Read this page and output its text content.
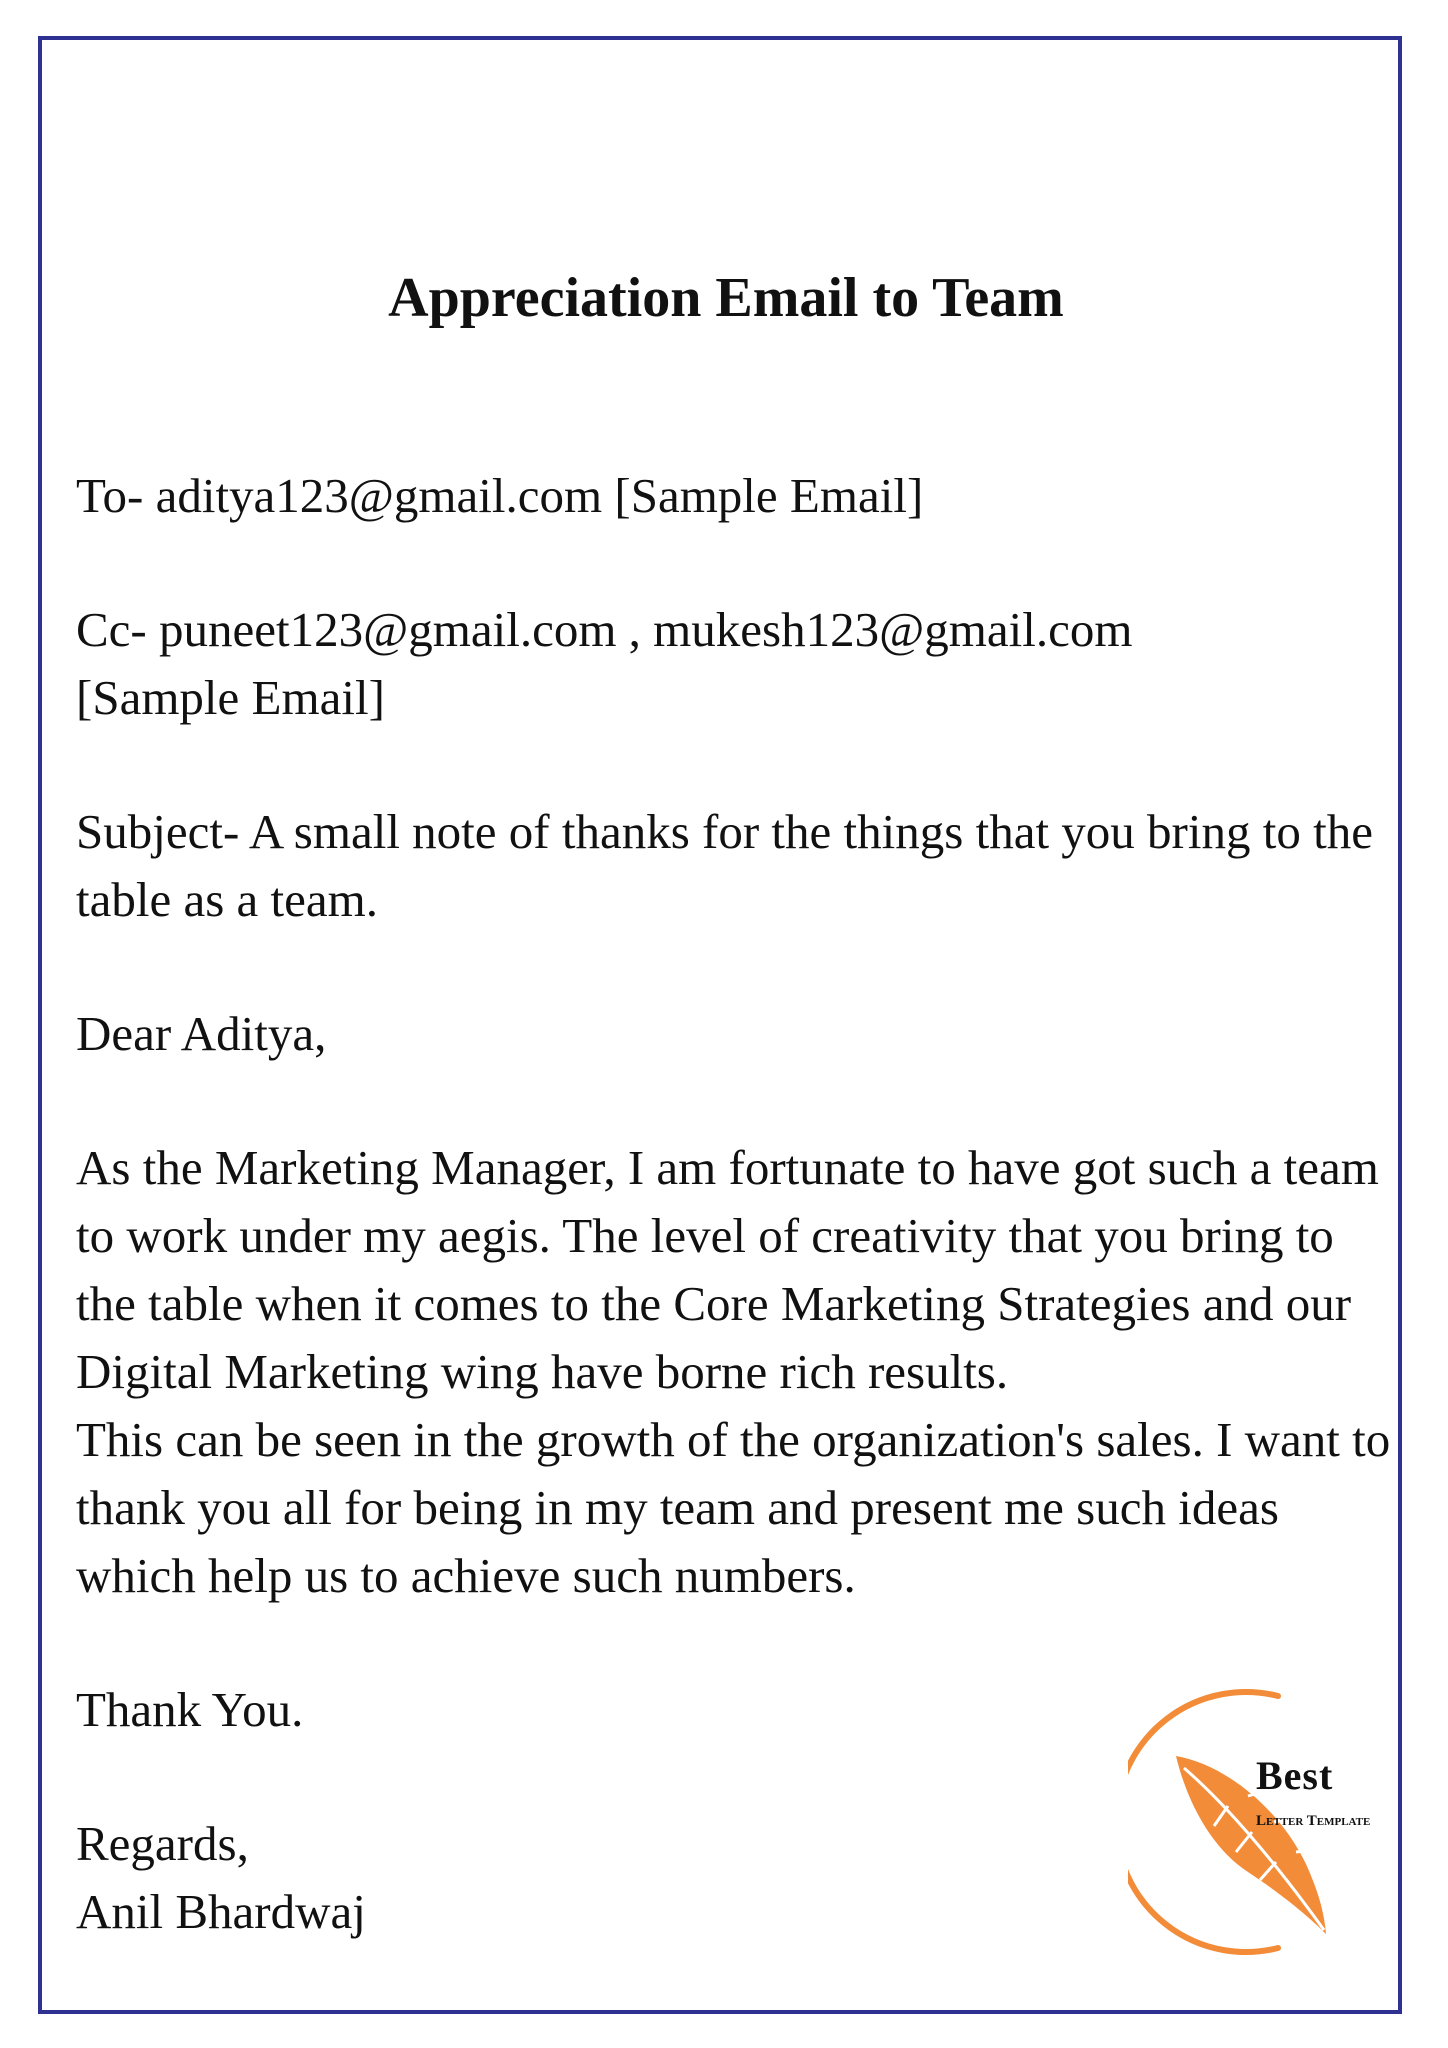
Appreciation Email to Team
To- aditya123@gmail.com [Sample Email]
Cc- puneet123@gmail.com , mukesh123@gmail.com
[Sample Email]
Subject- A small note of thanks for the things that you bring to the
table as a team.
Dear Aditya,
As the Marketing Manager, I am fortunate to have got such a team
to work under my aegis. The level of creativity that you bring to
the table when it comes to the Core Marketing Strategies and our
Digital Marketing wing have borne rich results.
This can be seen in the growth of the organization's sales. I want to
thank you all for being in my team and present me such ideas
which help us to achieve such numbers.
Thank You.
Regards,
Anil Bhardwaj
Best
Letter Template
